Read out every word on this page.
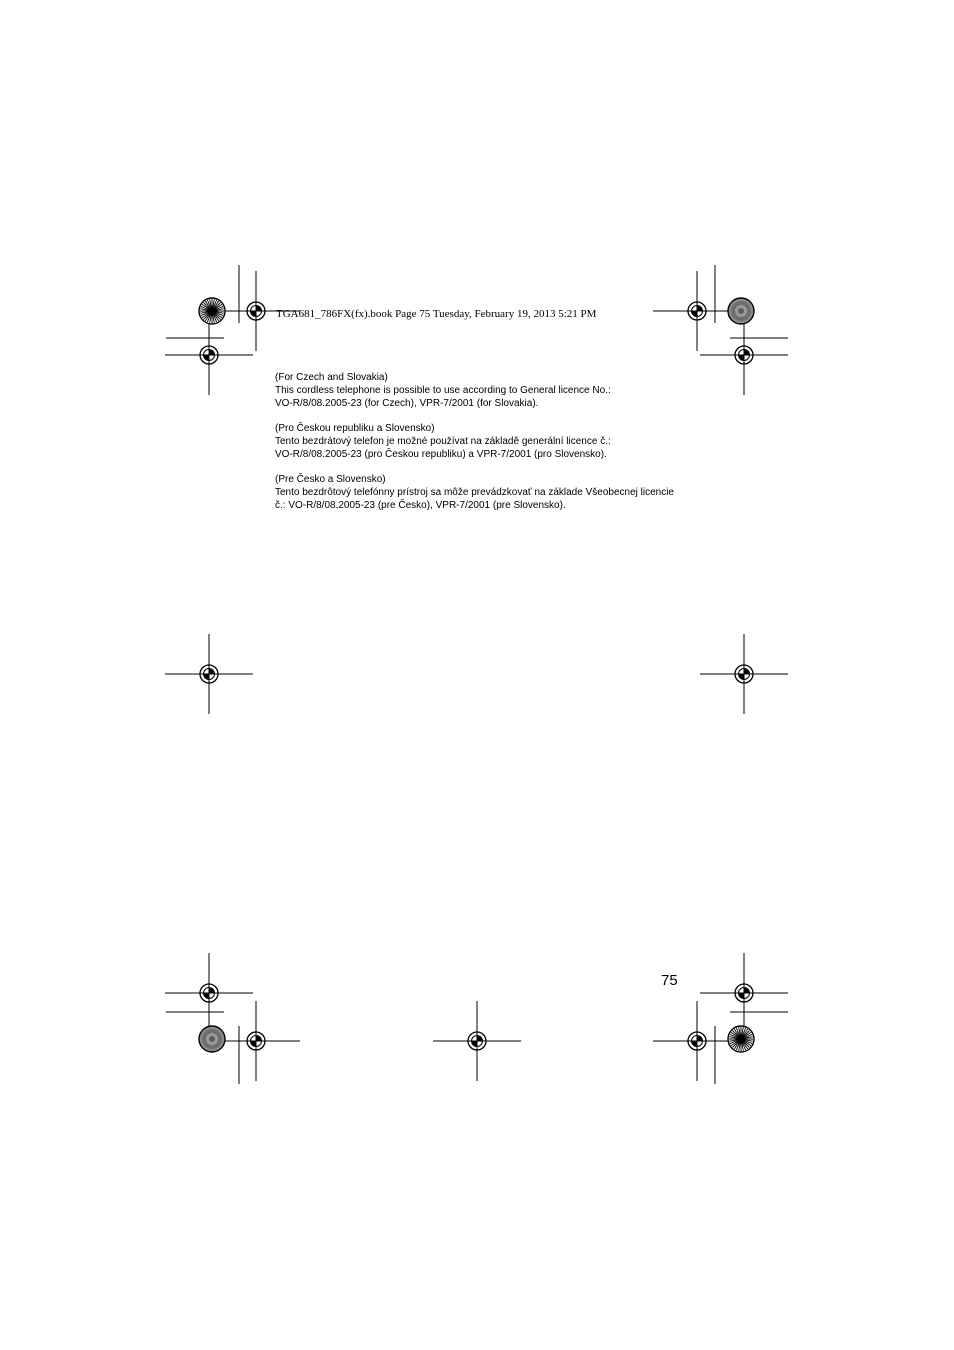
TGA681_786FX(fx).book Page 75 Tuesday, February 19, 2013 5:21 PM
(For Czech and Slovakia)
This cordless telephone is possible to use according to General licence No.:
VO-R/8/08.2005-23 (for Czech), VPR-7/2001 (for Slovakia).
(Pro Českou republiku a Slovensko)
Tento bezdrátový telefon je možné používat na základě generální licence č.:
VO-R/8/08.2005-23 (pro Českou republiku) a VPR-7/2001 (pro Slovensko).
(Pre Česko a Slovensko)
Tento bezdrôtový telefónny prístroj sa môže prevádzkovať na základe Všeobecnej licencie
č.: VO-R/8/08.2005-23 (pre Česko), VPR-7/2001 (pre Slovensko).
75
